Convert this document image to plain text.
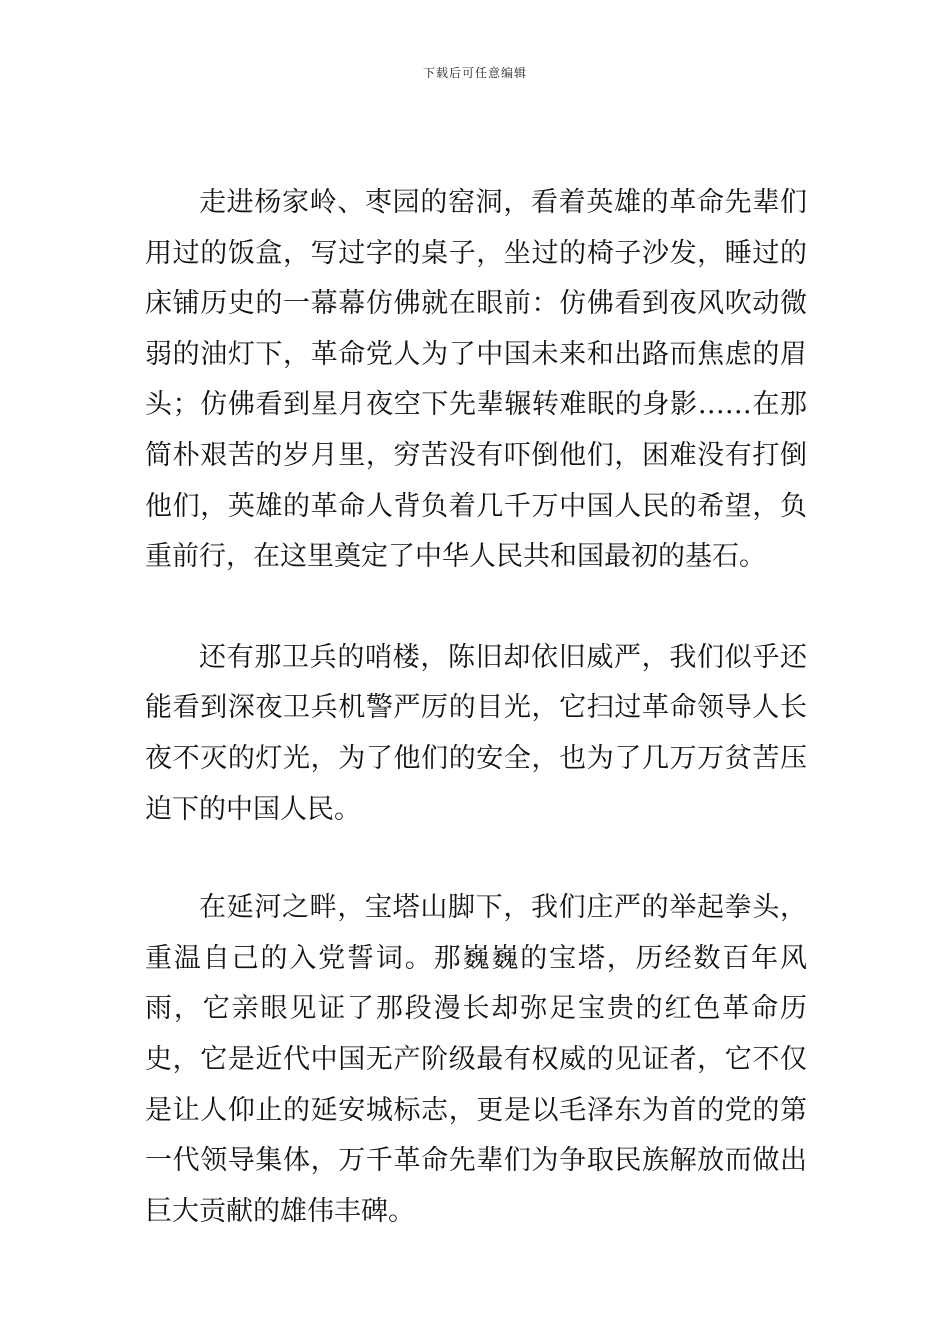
下载后可任意编辑

走进杨家岭、枣园的窑洞，看着英雄的革命先辈们用过的饭盒，写过字的桌子，坐过的椅子沙发，睡过的床铺历史的一幕幕仿佛就在眼前：仿佛看到夜风吹动微弱的油灯下，革命党人为了中国未来和出路而焦虑的眉头；仿佛看到星月夜空下先辈辗转难眠的身影……在那简朴艰苦的岁月里，穷苦没有吓倒他们，困难没有打倒他们，英雄的革命人背负着几千万中国人民的希望，负重前行，在这里奠定了中华人民共和国最初的基石。

还有那卫兵的哨楼，陈旧却依旧威严，我们似乎还能看到深夜卫兵机警严厉的目光，它扫过革命领导人长夜不灭的灯光，为了他们的安全，也为了几万万贫苦压迫下的中国人民。

在延河之畔，宝塔山脚下，我们庄严的举起拳头，重温自己的入党誓词。那巍巍的宝塔，历经数百年风雨，它亲眼见证了那段漫长却弥足宝贵的红色革命历史，它是近代中国无产阶级最有权威的见证者，它不仅是让人仰止的延安城标志，更是以毛泽东为首的党的第一代领导集体，万千革命先辈们为争取民族解放而做出巨大贡献的雄伟丰碑。
